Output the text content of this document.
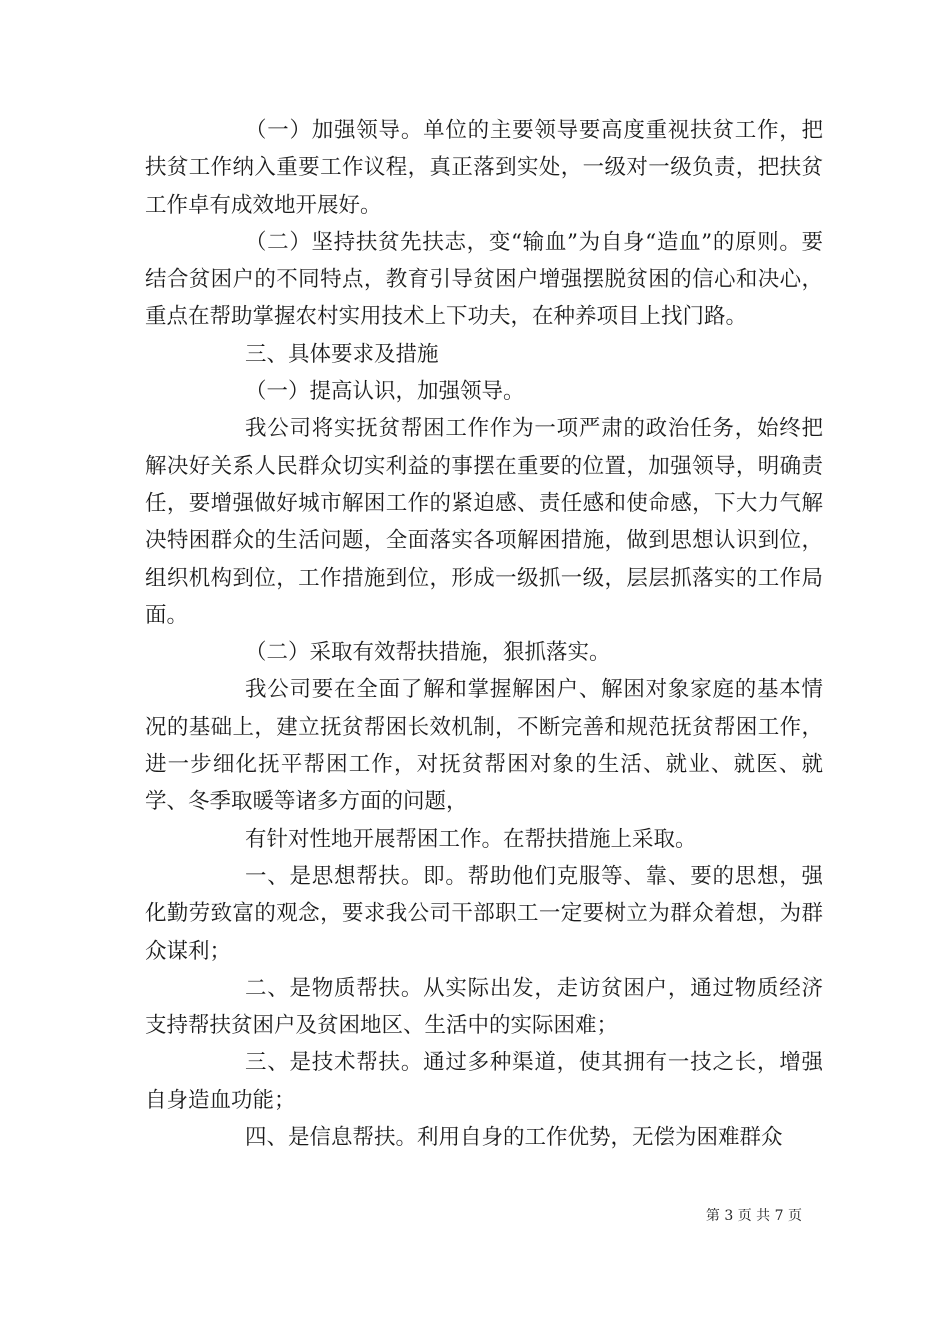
（一）加强领导。单位的主要领导要高度重视扶贫工作，把扶贫工作纳入重要工作议程，真正落到实处，一级对一级负责，把扶贫工作卓有成效地开展好。

（二）坚持扶贫先扶志，变“输血”为自身“造血”的原则。要结合贫困户的不同特点，教育引导贫困户增强摆脱贫困的信心和决心，重点在帮助掌握农村实用技术上下功夫，在种养项目上找门路。

三、具体要求及措施

（一）提高认识，加强领导。

我公司将实抚贫帮困工作作为一项严肃的政治任务，始终把解决好关系人民群众切实利益的事摆在重要的位置，加强领导，明确责任，要增强做好城市解困工作的紧迫感、责任感和使命感，下大力气解决特困群众的生活问题，全面落实各项解困措施，做到思想认识到位，组织机构到位，工作措施到位，形成一级抓一级，层层抓落实的工作局面。

（二）采取有效帮扶措施，狠抓落实。

我公司要在全面了解和掌握解困户、解困对象家庭的基本情况的基础上，建立抚贫帮困长效机制，不断完善和规范抚贫帮困工作，进一步细化抚平帮困工作，对抚贫帮困对象的生活、就业、就医、就学、冬季取暖等诸多方面的问题，

有针对性地开展帮困工作。在帮扶措施上采取。

一、是思想帮扶。即。帮助他们克服等、靠、要的思想，强化勤劳致富的观念，要求我公司干部职工一定要树立为群众着想，为群众谋利；

二、是物质帮扶。从实际出发，走访贫困户，通过物质经济支持帮扶贫困户及贫困地区、生活中的实际困难；

三、是技术帮扶。通过多种渠道，使其拥有一技之长，增强自身造血功能；

四、是信息帮扶。利用自身的工作优势，无偿为困难群众

第 3 页 共 7 页
